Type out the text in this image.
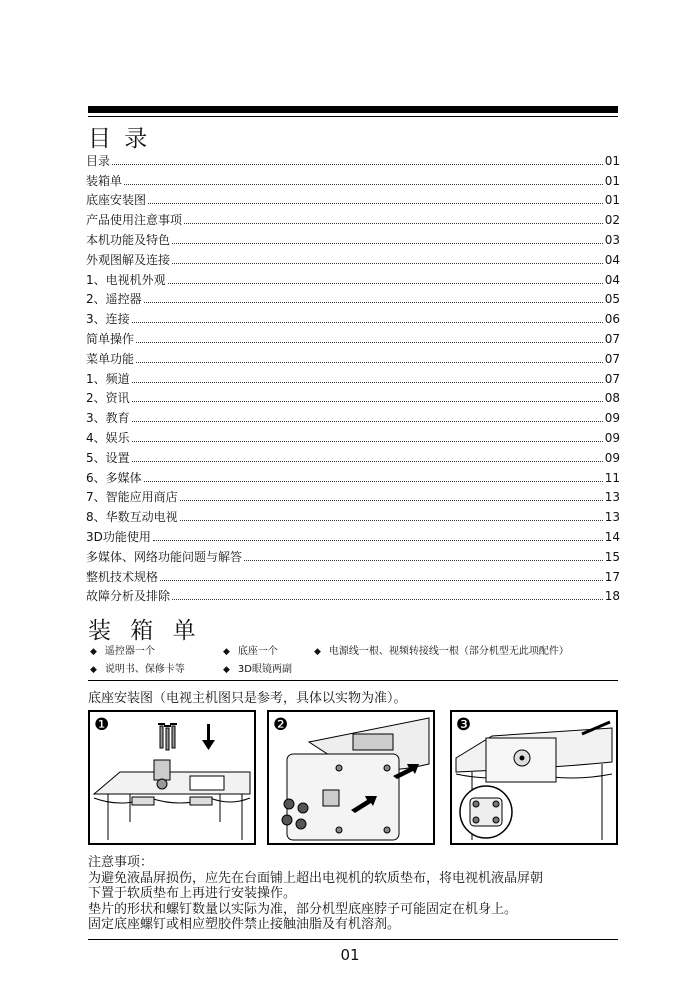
目 录
目录	01
装箱单	01
底座安装图	01
产品使用注意事项	02
本机功能及特色	03
外观图解及连接	04
1、电视机外观	04
2、遥控器	05
3、连接	06
简单操作	07
菜单功能	07
1、频道	07
2、资讯	08
3、教育	09
4、娱乐	09
5、设置	09
6、多媒体	11
7、智能应用商店	13
8、华数互动电视	13
3D功能使用	14
多媒体、网络功能问题与解答	15
整机技术规格	17
故障分析及排除	18
装 箱 单
◆ 遥控器一个	◆ 底座一个	◆ 电源线一根、视频转接线一根（部分机型无此项配件）
◆ 说明书、保修卡等	◆ 3D眼镜两副
底座安装图（电视主机图只是参考，具体以实物为准）。
❶	❷	❸
注意事项：
为避免液晶屏损伤，应先在台面铺上超出电视机的软质垫布，将电视机液晶屏朝
下置于软质垫布上再进行安装操作。
垫片的形状和螺钉数量以实际为准，部分机型底座脖子可能固定在机身上。
固定底座螺钉或相应塑胶件禁止接触油脂及有机溶剂。
01
